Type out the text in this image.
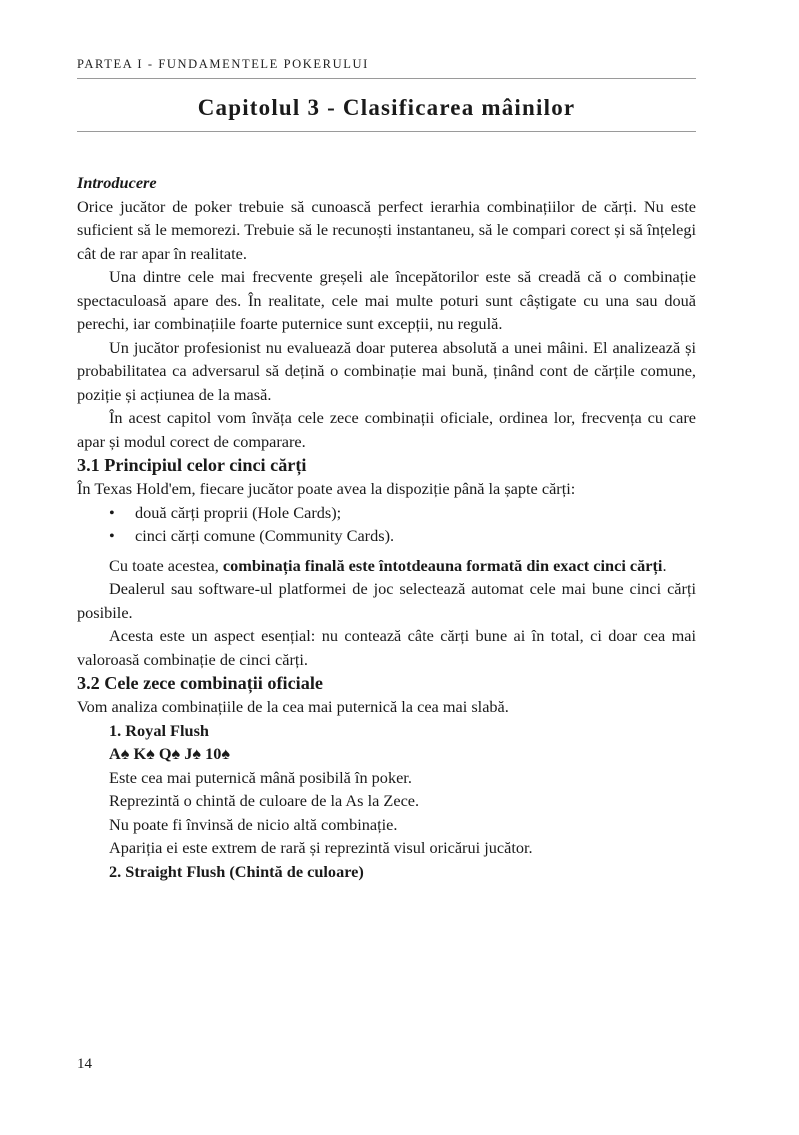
PARTEA I - FUNDAMENTELE POKERULUI
Capitolul 3 - Clasificarea mâinilor

Introducere

Orice jucător de poker trebuie să cunoască perfect ierarhia combinațiilor de cărți. Nu este suficient să le memorezi. Trebuie să le recunoști instantaneu, să le compari corect și să înțelegi cât de rar apar în realitate.

Una dintre cele mai frecvente greșeli ale începătorilor este să creadă că o combinație spectaculoasă apare des. În realitate, cele mai multe poturi sunt câștigate cu una sau două perechi, iar combinațiile foarte puternice sunt excepții, nu regulă.

Un jucător profesionist nu evaluează doar puterea absolută a unei mâini. El analizează și probabilitatea ca adversarul să dețină o combinație mai bună, ținând cont de cărțile comune, poziție și acțiunea de la masă.

În acest capitol vom învăța cele zece combinații oficiale, ordinea lor, frecvența cu care apar și modul corect de comparare.

3.1 Principiul celor cinci cărți

În Texas Hold'em, fiecare jucător poate avea la dispoziție până la șapte cărți:

• două cărți proprii (Hole Cards);
• cinci cărți comune (Community Cards).

Cu toate acestea, combinația finală este întotdeauna formată din exact cinci cărți.

Dealerul sau software-ul platformei de joc selectează automat cele mai bune cinci cărți posibile.

Acesta este un aspect esențial: nu contează câte cărți bune ai în total, ci doar cea mai valoroasă combinație de cinci cărți.

3.2 Cele zece combinații oficiale

Vom analiza combinațiile de la cea mai puternică la cea mai slabă.

1. Royal Flush

A♠ K♠ Q♠ J♠ 10♠

Este cea mai puternică mână posibilă în poker.

Reprezintă o chintă de culoare de la As la Zece.

Nu poate fi învinsă de nicio altă combinație.

Apariția ei este extrem de rară și reprezintă visul oricărui jucător.

2. Straight Flush (Chintă de culoare)

14
